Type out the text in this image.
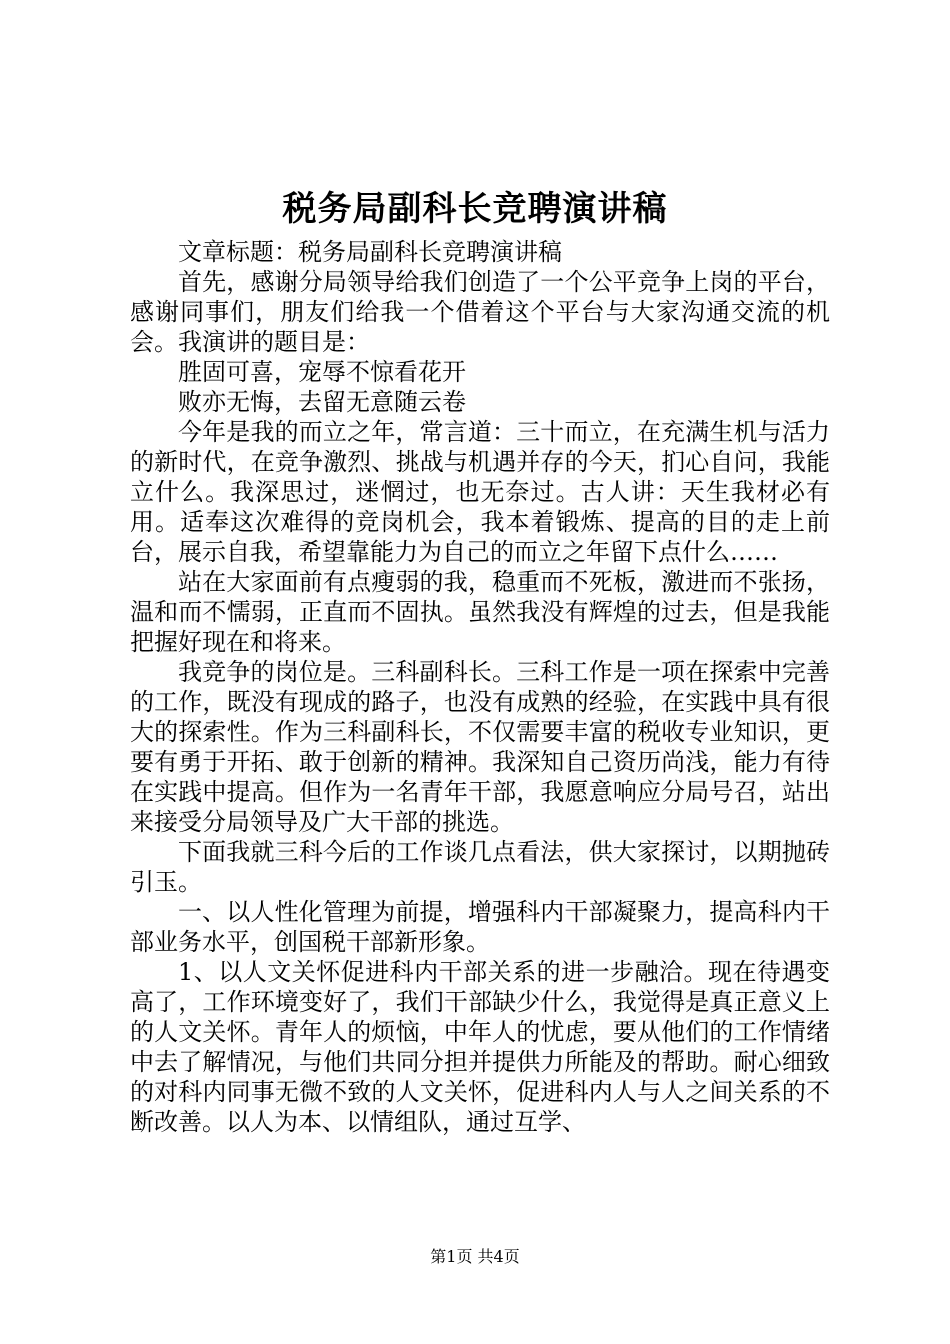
税务局副科长竞聘演讲稿

文章标题：税务局副科长竞聘演讲稿

首先，感谢分局领导给我们创造了一个公平竞争上岗的平台，感谢同事们，朋友们给我一个借着这个平台与大家沟通交流的机会。我演讲的题目是：

胜固可喜，宠辱不惊看花开

败亦无悔，去留无意随云卷

今年是我的而立之年，常言道：三十而立，在充满生机与活力的新时代，在竞争激烈、挑战与机遇并存的今天，扪心自问，我能立什么。我深思过，迷惘过，也无奈过。古人讲：天生我材必有用。适奉这次难得的竞岗机会，我本着锻炼、提高的目的走上前台，展示自我，希望靠能力为自己的而立之年留下点什么……

站在大家面前有点瘦弱的我，稳重而不死板，激进而不张扬，温和而不懦弱，正直而不固执。虽然我没有辉煌的过去，但是我能把握好现在和将来。

我竞争的岗位是。三科副科长。三科工作是一项在探索中完善的工作，既没有现成的路子，也没有成熟的经验，在实践中具有很大的探索性。作为三科副科长，不仅需要丰富的税收专业知识，更要有勇于开拓、敢于创新的精神。我深知自己资历尚浅，能力有待在实践中提高。但作为一名青年干部，我愿意响应分局号召，站出来接受分局领导及广大干部的挑选。

下面我就三科今后的工作谈几点看法，供大家探讨，以期抛砖引玉。

一、以人性化管理为前提，增强科内干部凝聚力，提高科内干部业务水平，创国税干部新形象。

1、以人文关怀促进科内干部关系的进一步融洽。现在待遇变高了，工作环境变好了，我们干部缺少什么，我觉得是真正意义上的人文关怀。青年人的烦恼，中年人的忧虑，要从他们的工作情绪中去了解情况，与他们共同分担并提供力所能及的帮助。耐心细致的对科内同事无微不致的人文关怀，促进科内人与人之间关系的不断改善。以人为本、以情组队，通过互学、

第1页 共4页
